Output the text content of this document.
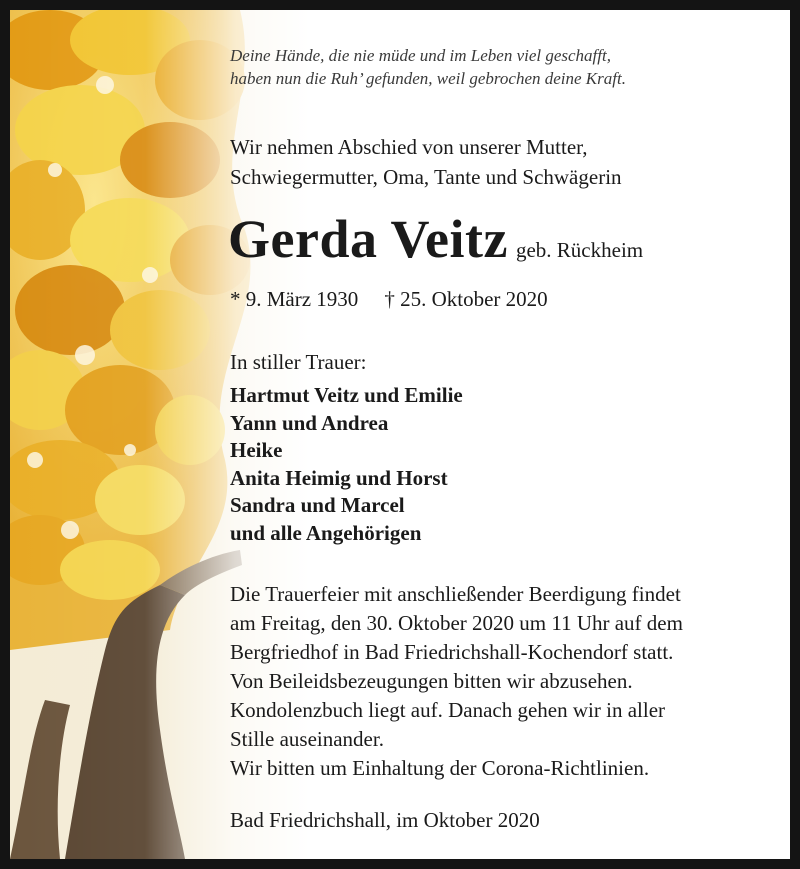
Deine Hände, die nie müde und im Leben viel geschafft,
haben nun die Ruh’ gefunden, weil gebrochen deine Kraft.
Wir nehmen Abschied von unserer Mutter,
Schwiegermutter, Oma, Tante und Schwägerin
Gerda Veitz geb. Rückheim
* 9. März 1930 † 25. Oktober 2020
In stiller Trauer:
Hartmut Veitz und Emilie
Yann und Andrea
Heike
Anita Heimig und Horst
Sandra und Marcel
und alle Angehörigen
Die Trauerfeier mit anschließender Beerdigung findet
am Freitag, den 30. Oktober 2020 um 11 Uhr auf dem
Bergfriedhof in Bad Friedrichshall-Kochendorf statt.
Von Beileidsbezeugungen bitten wir abzusehen.
Kondolenzbuch liegt auf. Danach gehen wir in aller
Stille auseinander.
Wir bitten um Einhaltung der Corona-Richtlinien.
Bad Friedrichshall, im Oktober 2020
